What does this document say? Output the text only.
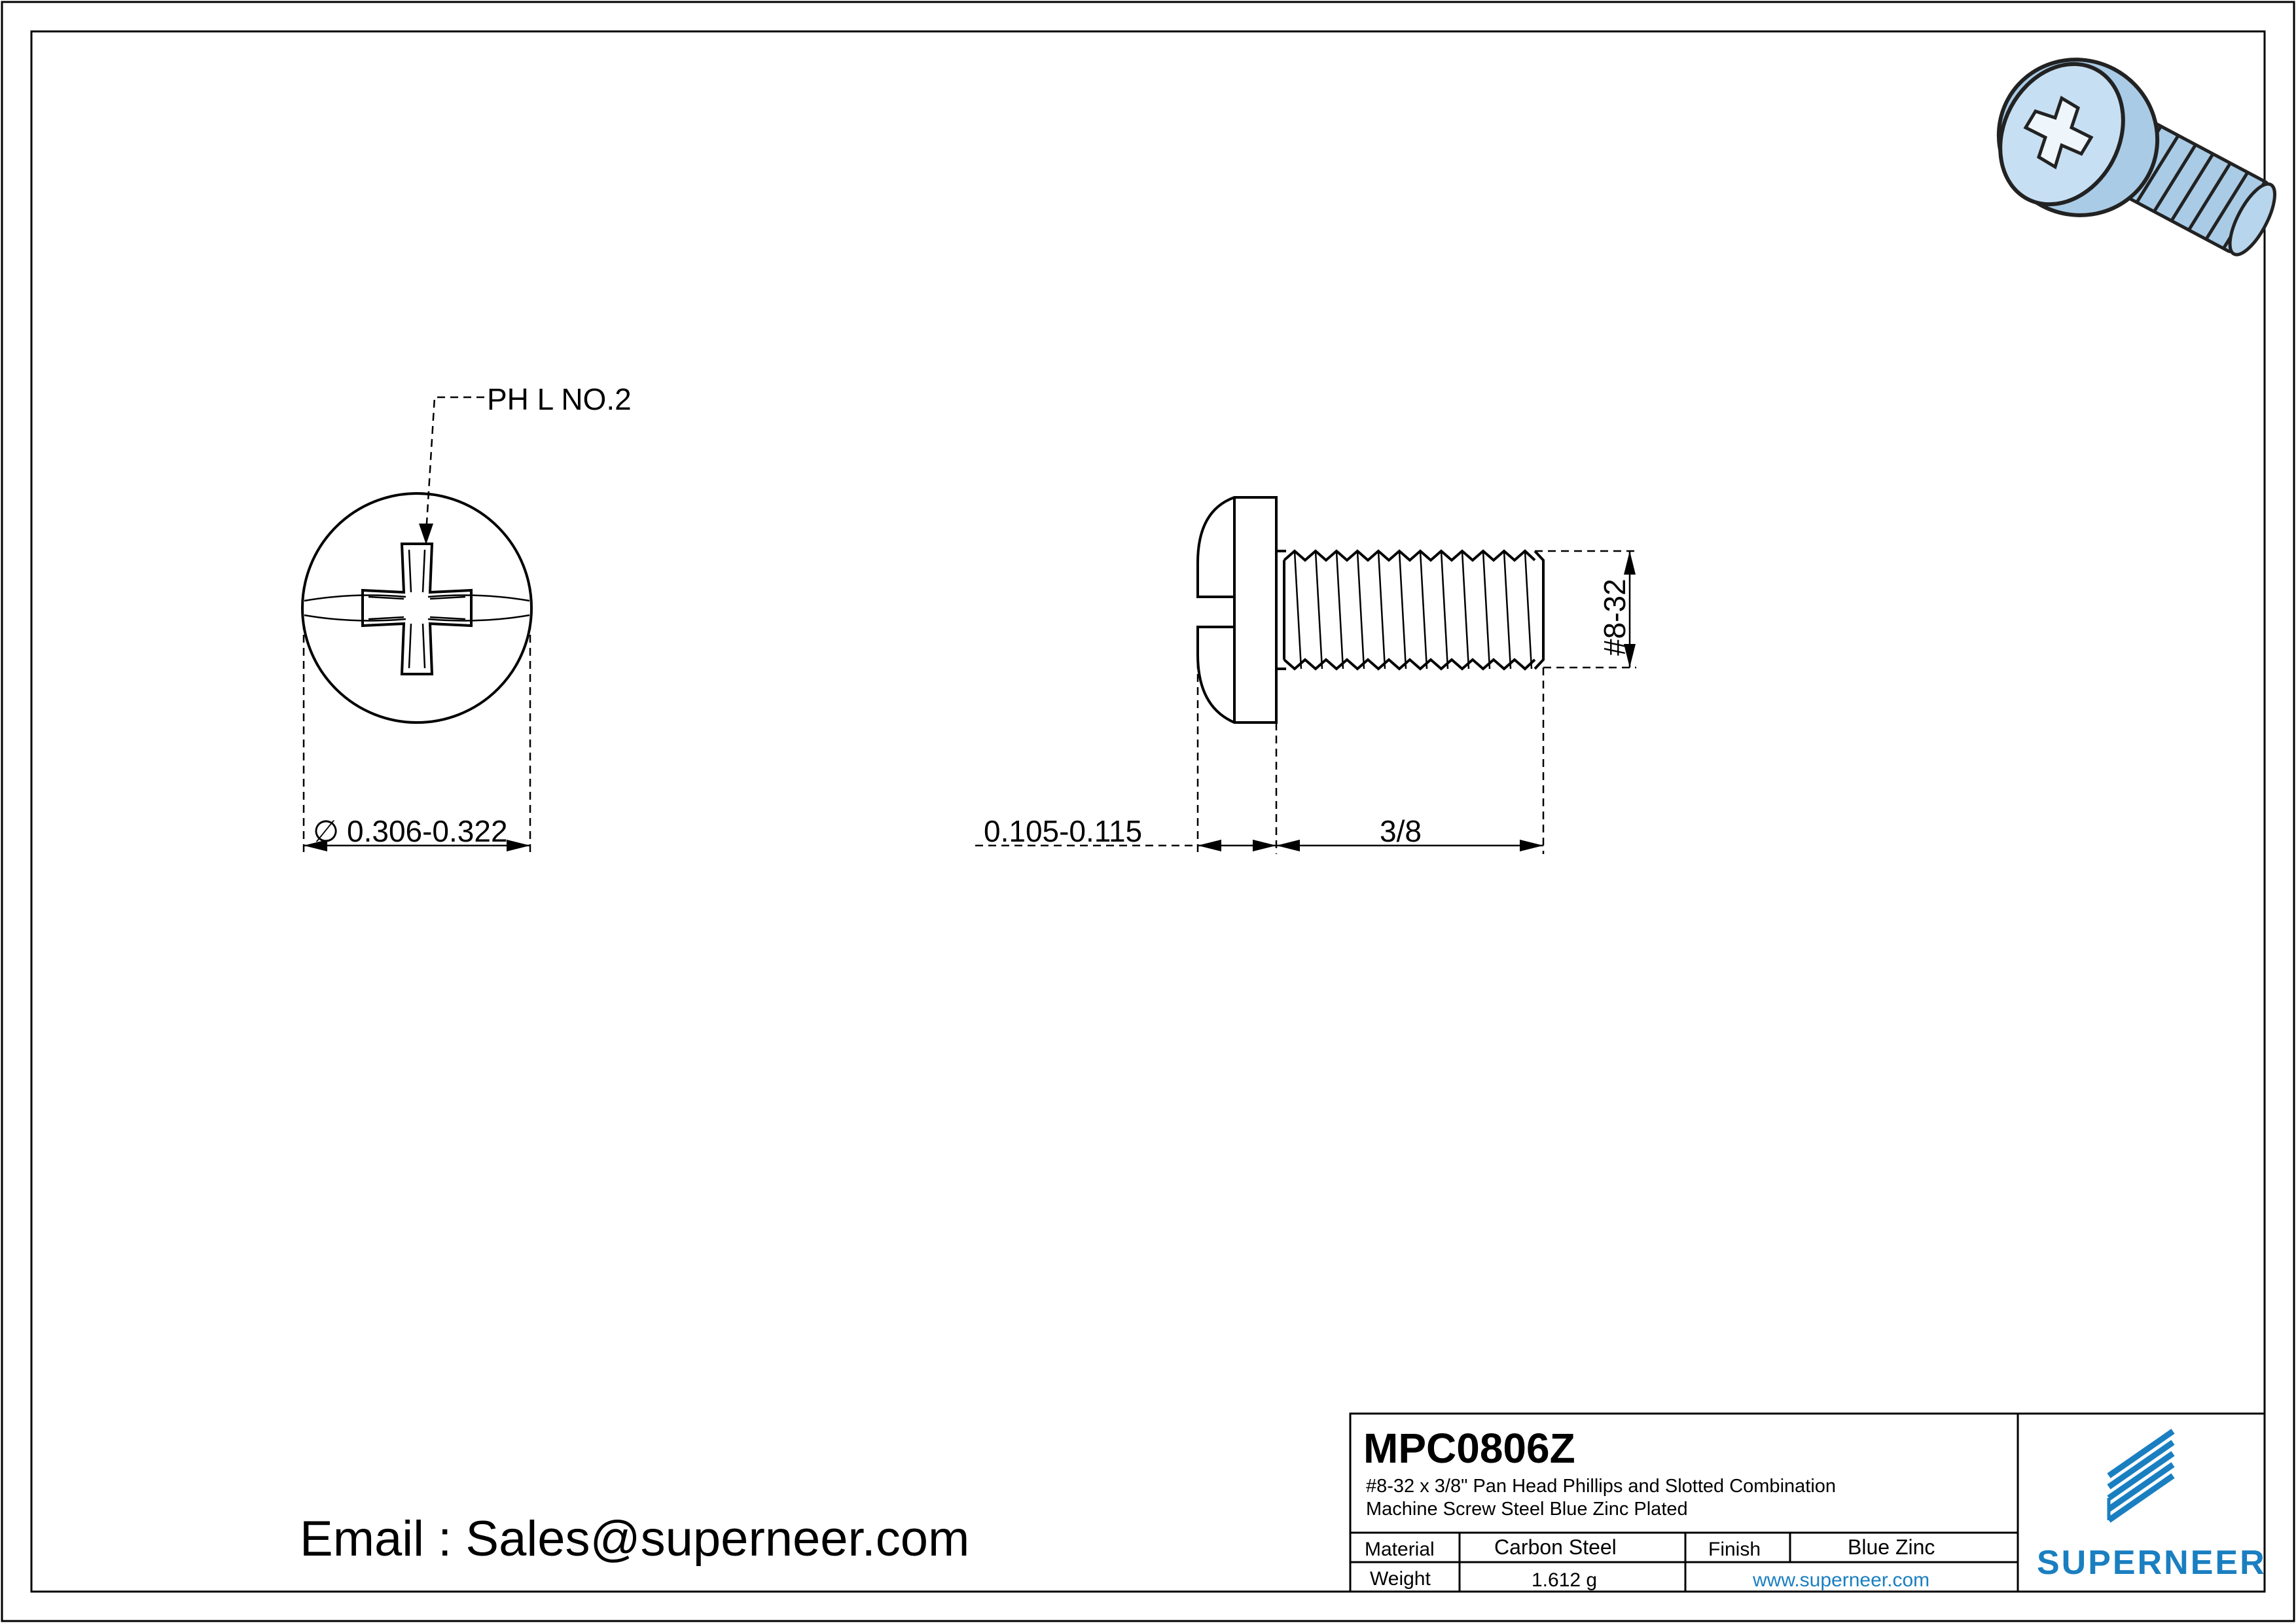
PH L NO.2
∅ 0.306-0.322
#8-32
0.105-0.115	3/8
Email : Sales@superneer.com
MPC0806Z
#8-32 x 3/8" Pan Head Phillips and Slotted Combination
Machine Screw Steel Blue Zinc Plated
Material	Carbon Steel	Finish	Blue Zinc
Weight	1.612 g	www.superneer.com	SUPERNEER
